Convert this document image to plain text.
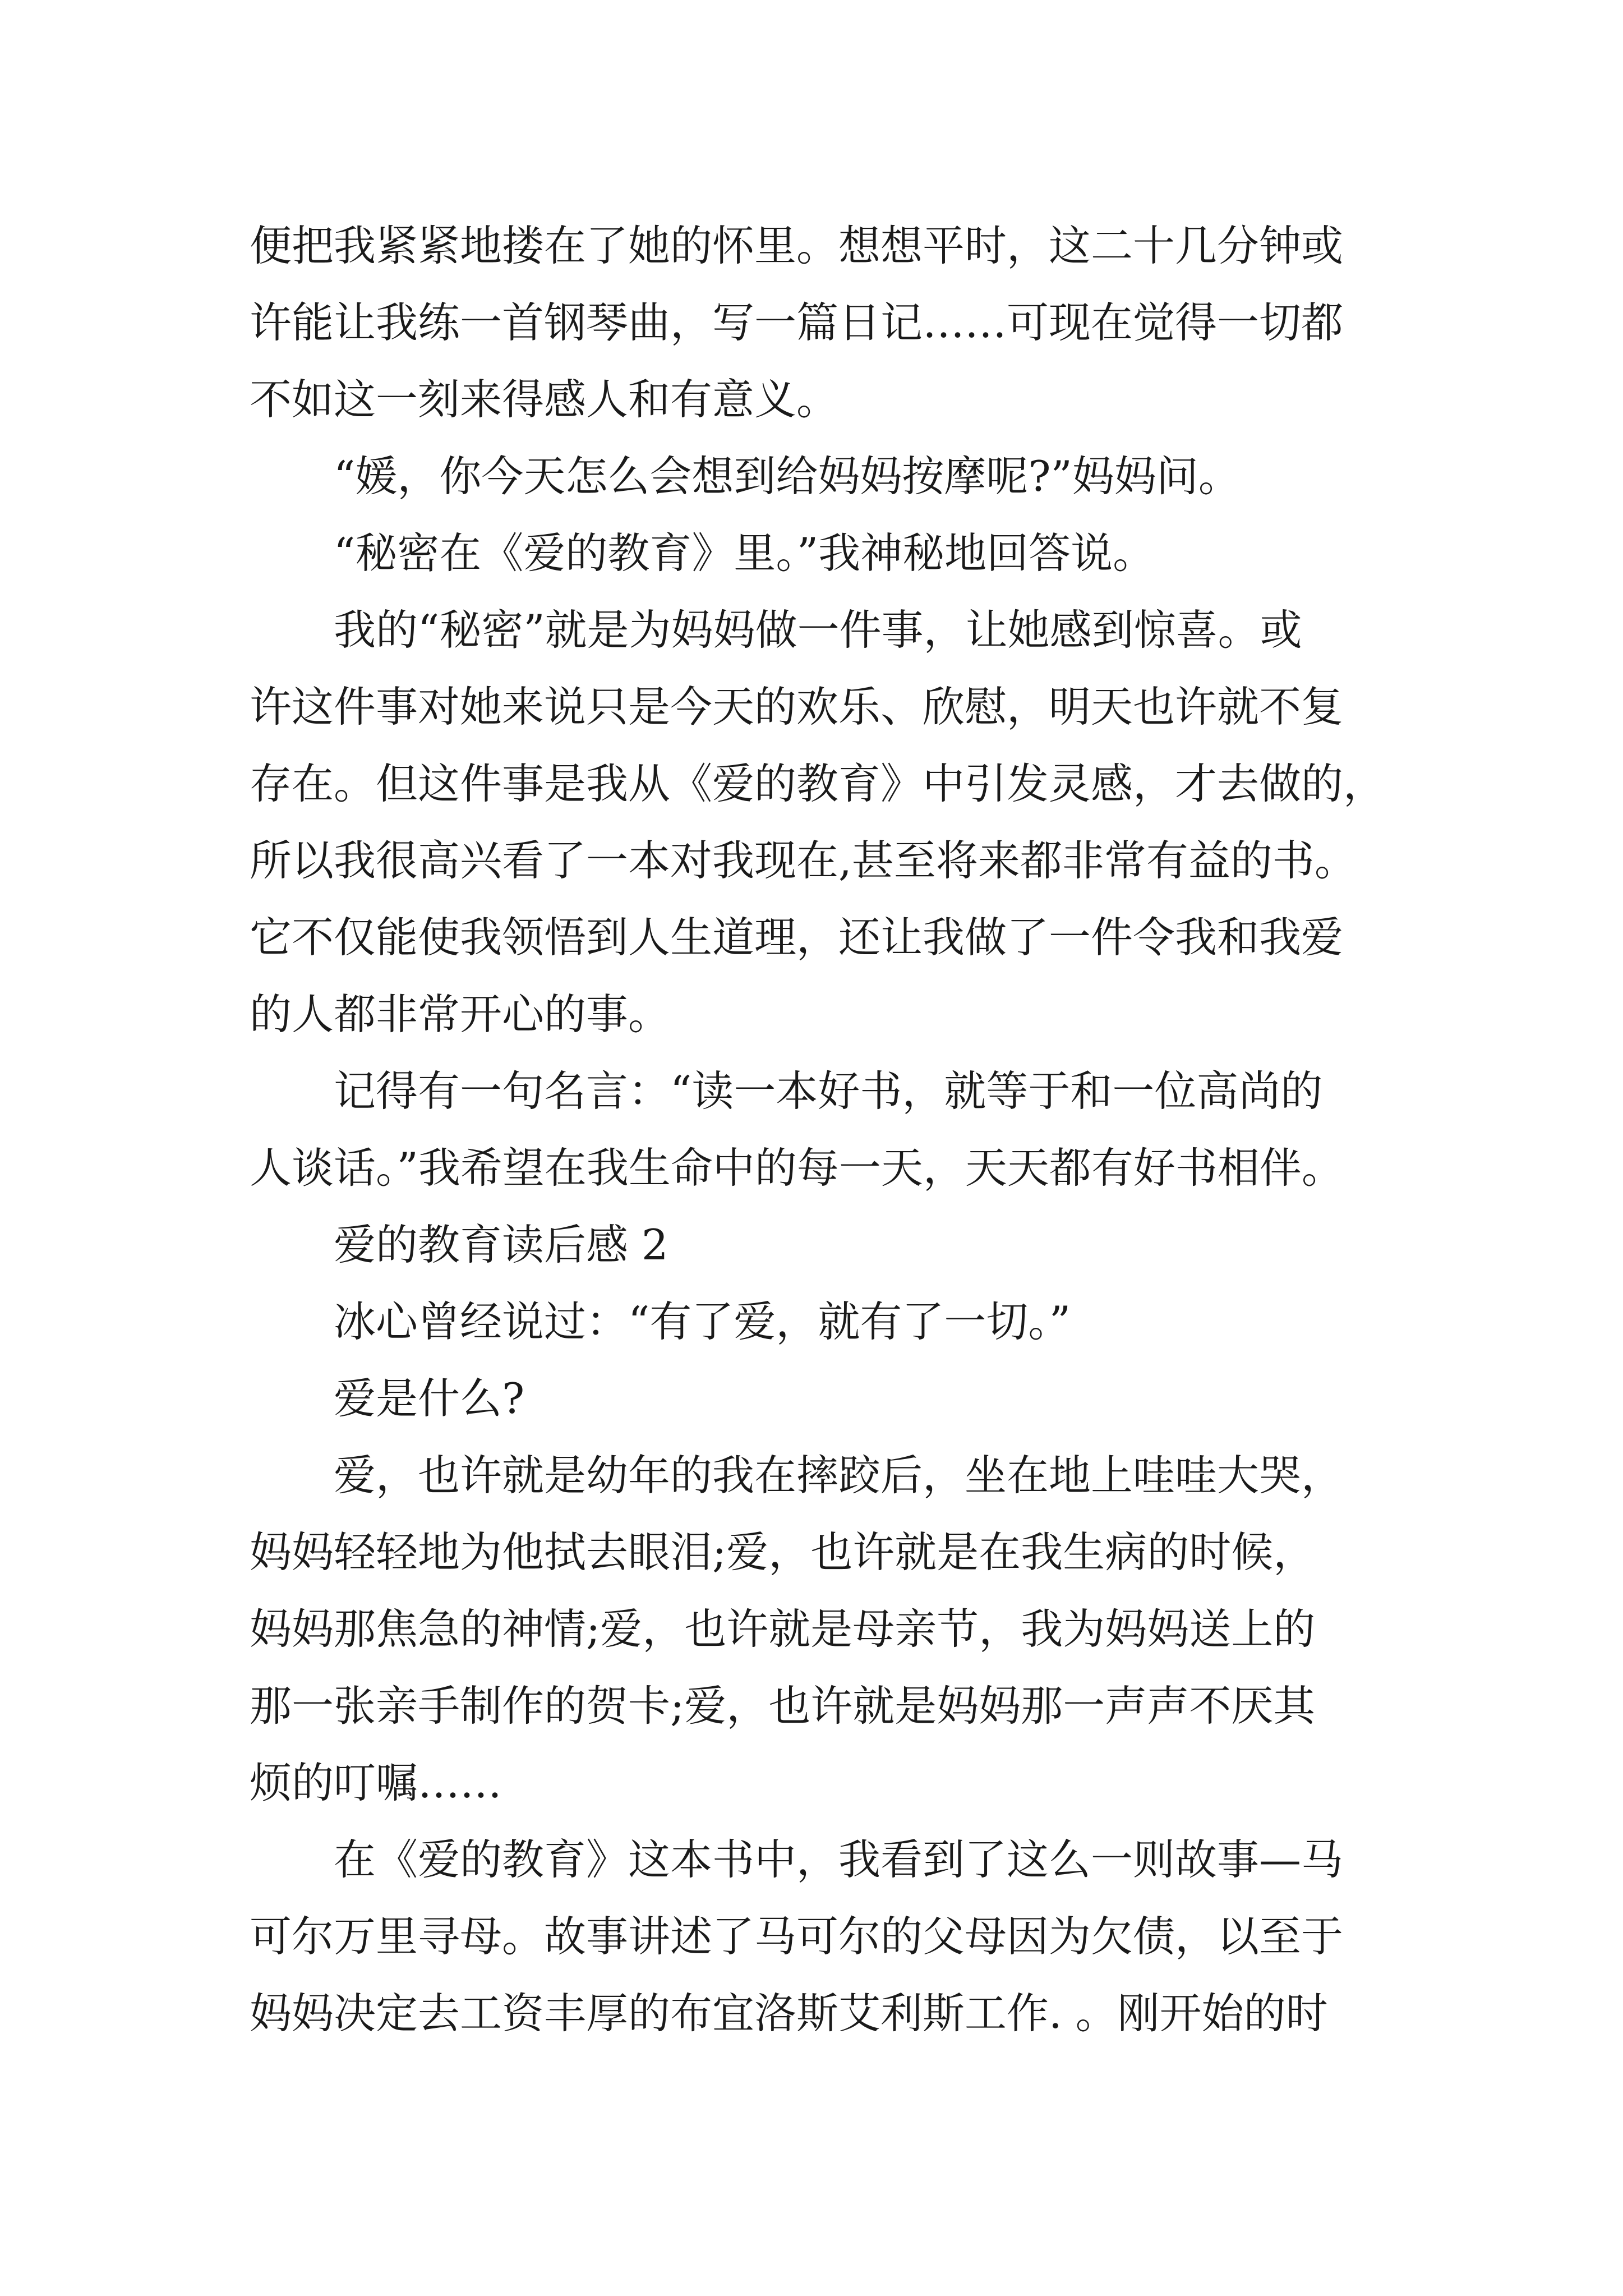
便把我紧紧地搂在了她的怀里。想想平时，这二十几分钟或
许能让我练一首钢琴曲，写一篇日记……可现在觉得一切都
不如这一刻来得感人和有意义。
“媛，你今天怎么会想到给妈妈按摩呢?”妈妈问。
“秘密在《爱的教育》里。”我神秘地回答说。
我的“秘密”就是为妈妈做一件事，让她感到惊喜。或
许这件事对她来说只是今天的欢乐、欣慰，明天也许就不复
存在。但这件事是我从《爱的教育》中引发灵感，才去做的，
所以我很高兴看了一本对我现在,甚至将来都非常有益的书。
它不仅能使我领悟到人生道理，还让我做了一件令我和我爱
的人都非常开心的事。
记得有一句名言：“读一本好书，就等于和一位高尚的
人谈话。”我希望在我生命中的每一天，天天都有好书相伴。
爱的教育读后感 2
冰心曾经说过：“有了爱，就有了一切。”
爱是什么?
爱，也许就是幼年的我在摔跤后，坐在地上哇哇大哭，
妈妈轻轻地为他拭去眼泪;爱，也许就是在我生病的时候，
妈妈那焦急的神情;爱，也许就是母亲节，我为妈妈送上的
那一张亲手制作的贺卡;爱，也许就是妈妈那一声声不厌其
烦的叮嘱……
在《爱的教育》这本书中，我看到了这么一则故事—马
可尔万里寻母。故事讲述了马可尔的父母因为欠债，以至于
妈妈决定去工资丰厚的布宜洛斯艾利斯工作. 。刚开始的时
